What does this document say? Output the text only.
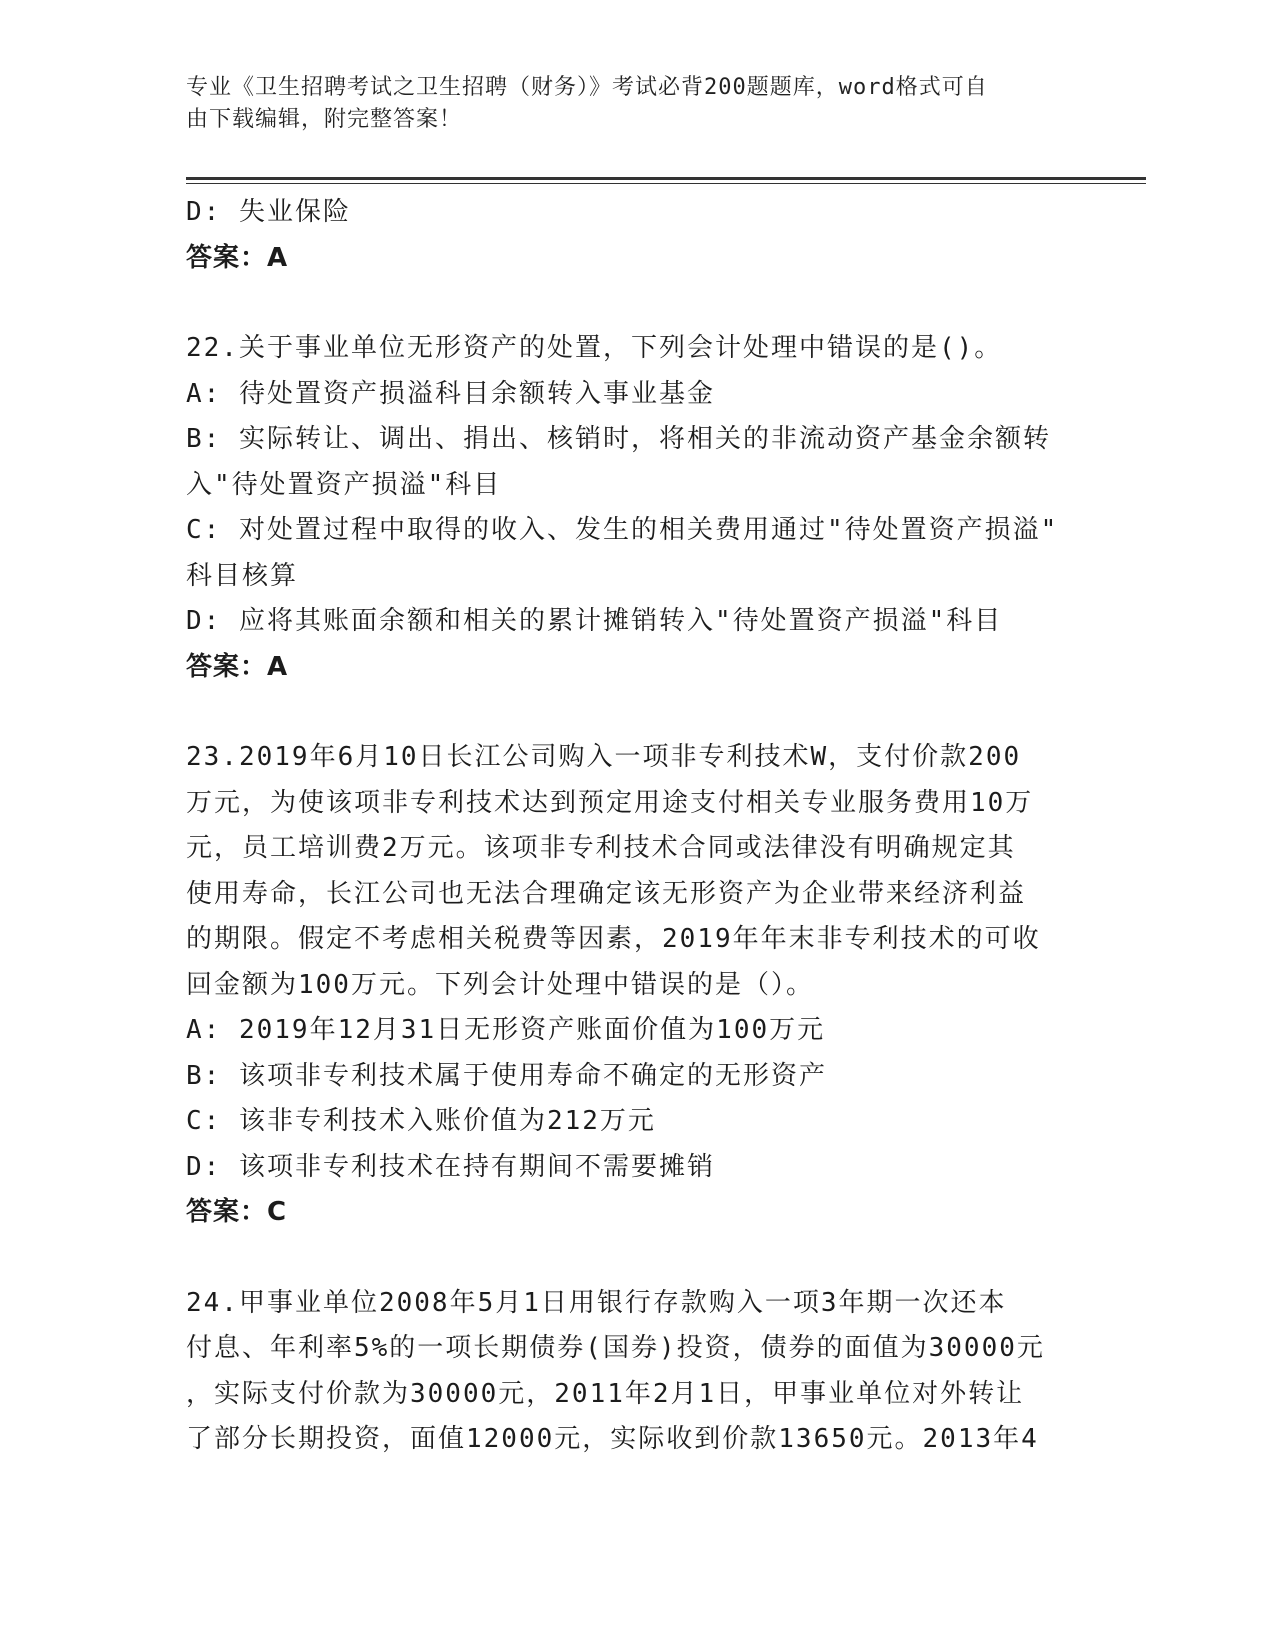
专业《卫生招聘考试之卫生招聘（财务）》考试必背200题题库，word格式可自
由下载编辑，附完整答案！

D: 失业保险

答案：A

22.关于事业单位无形资产的处置，下列会计处理中错误的是()。

A: 待处置资产损溢科目余额转入事业基金

B: 实际转让、调出、捐出、核销时，将相关的非流动资产基金余额转

入"待处置资产损溢"科目

C: 对处置过程中取得的收入、发生的相关费用通过"待处置资产损溢"

科目核算

D: 应将其账面余额和相关的累计摊销转入"待处置资产损溢"科目

答案：A

23.2019年6月10日长江公司购入一项非专利技术W，支付价款200

万元，为使该项非专利技术达到预定用途支付相关专业服务费用10万

元，员工培训费2万元。该项非专利技术合同或法律没有明确规定其

使用寿命，长江公司也无法合理确定该无形资产为企业带来经济利益

的期限。假定不考虑相关税费等因素，2019年年末非专利技术的可收

回金额为100万元。下列会计处理中错误的是（）。

A: 2019年12月31日无形资产账面价值为100万元

B: 该项非专利技术属于使用寿命不确定的无形资产

C: 该非专利技术入账价值为212万元

D: 该项非专利技术在持有期间不需要摊销

答案：C

24.甲事业单位2008年5月1日用银行存款购入一项3年期一次还本

付息、年利率5%的一项长期债券(国券)投资，债券的面值为30000元

，实际支付价款为30000元，2011年2月1日，甲事业单位对外转让

了部分长期投资，面值12000元，实际收到价款13650元。2013年4
